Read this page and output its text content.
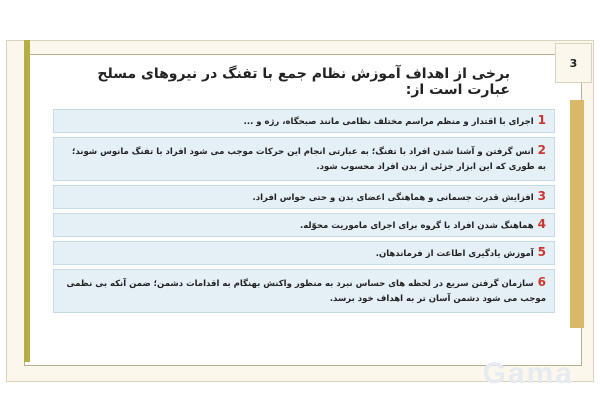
3
برخی از اهداف آموزش نظام جمع با تفنگ در نیروهای مسلح عبارت است از:
1اجرای با اقتدار و منظم مراسم مختلف نظامی مانند صبحگاه، رژه و ...
2انس گرفتن و آشنا شدن افراد با تفنگ؛ به عبارتی انجام این حرکات موجب می شود افراد با تفنگ مانوس شوند؛ به طوری که این ابزار جزئی از بدن افراد محسوب شود.
3افزایش قدرت جسمانی و هماهنگی اعضای بدن و حتی حواس افراد.
4هماهنگ شدن افراد با گروه برای اجرای ماموریت محوّله.
5آموزش یادگیری اطاعت از فرماندهان.
6سازمان گرفتن سریع در لحظه های حساس نبرد به منظور واکنش بهنگام به اقدامات دشمن؛ ضمن آنکه بی نظمی موجب می شود دشمن آسان تر به اهداف خود برسد.
Gama
